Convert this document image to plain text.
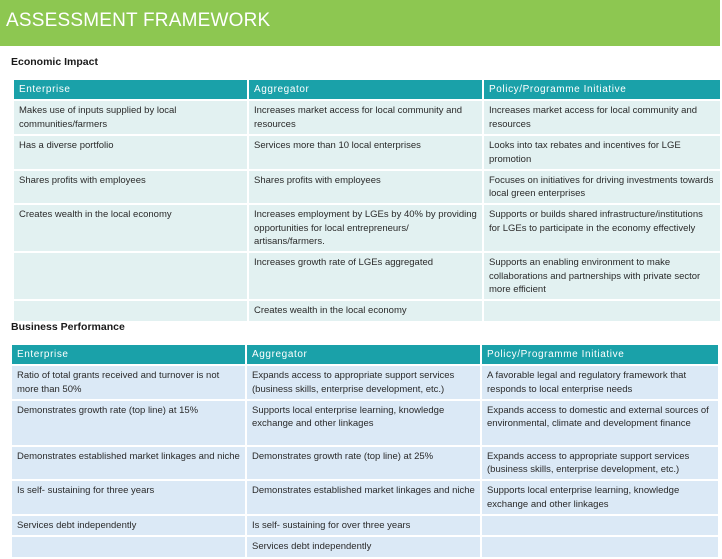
ASSESSMENT FRAMEWORK
Economic Impact
Enterprise	Aggregator	Policy/Programme Initiative
Makes use of inputs supplied by local communities/farmers	Increases market access for local community and resources	Increases market access for local community and resources
Has a diverse portfolio	Services more than 10 local enterprises	Looks into tax rebates and incentives for LGE promotion
Shares profits with employees	Shares profits with employees	Focuses on initiatives for driving investments towards local green enterprises
Creates wealth in the local economy	Increases employment by LGEs by 40% by providing opportunities for local entrepreneurs/ artisans/farmers.	Supports or builds shared infrastructure/institutions for LGEs to participate in the economy effectively
	Increases growth rate of LGEs aggregated	Supports an enabling environment to make collaborations and partnerships with private sector more efficient
	Creates wealth in the local economy	
Business Performance
Enterprise	Aggregator	Policy/Programme Initiative
Ratio of total grants received and turnover is not more than 50%	Expands access to appropriate support services (business skills, enterprise development, etc.)	A favorable legal and regulatory framework that responds to local enterprise needs
Demonstrates growth rate (top line) at 15%	Supports local enterprise learning, knowledge exchange and other linkages	Expands access to domestic and external sources of environmental, climate and development finance
Demonstrates established market linkages and niche	Demonstrates growth rate (top line) at 25%	Expands access to appropriate support services (business skills, enterprise development, etc.)
Is self- sustaining for three years	Demonstrates established market linkages and niche	Supports local enterprise learning, knowledge exchange and other linkages
Services debt independently	Is self- sustaining for over three years	
	Services debt independently	
